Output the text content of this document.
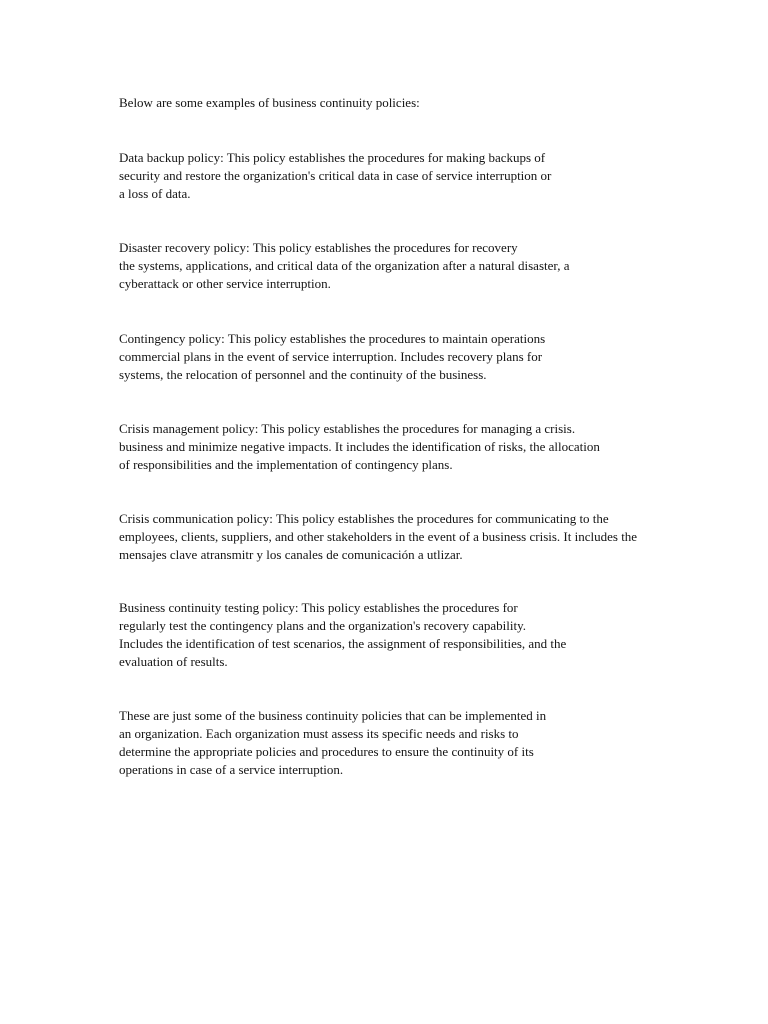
Below are some examples of business continuity policies:

Data backup policy: This policy establishes the procedures for making backups of
security and restore the organization's critical data in case of service interruption or
a loss of data.

Disaster recovery policy: This policy establishes the procedures for recovery
the systems, applications, and critical data of the organization after a natural disaster, a
cyberattack or other service interruption.

Contingency policy: This policy establishes the procedures to maintain operations
commercial plans in the event of service interruption. Includes recovery plans for
systems, the relocation of personnel and the continuity of the business.

Crisis management policy: This policy establishes the procedures for managing a crisis.
business and minimize negative impacts. It includes the identification of risks, the allocation
of responsibilities and the implementation of contingency plans.

Crisis communication policy: This policy establishes the procedures for communicating to the
employees, clients, suppliers, and other stakeholders in the event of a business crisis. It includes the
mensajes clave atransmitr y los canales de comunicación a utlizar.

Business continuity testing policy: This policy establishes the procedures for
regularly test the contingency plans and the organization's recovery capability.
Includes the identification of test scenarios, the assignment of responsibilities, and the
evaluation of results.

These are just some of the business continuity policies that can be implemented in
an organization. Each organization must assess its specific needs and risks to
determine the appropriate policies and procedures to ensure the continuity of its
operations in case of a service interruption.
